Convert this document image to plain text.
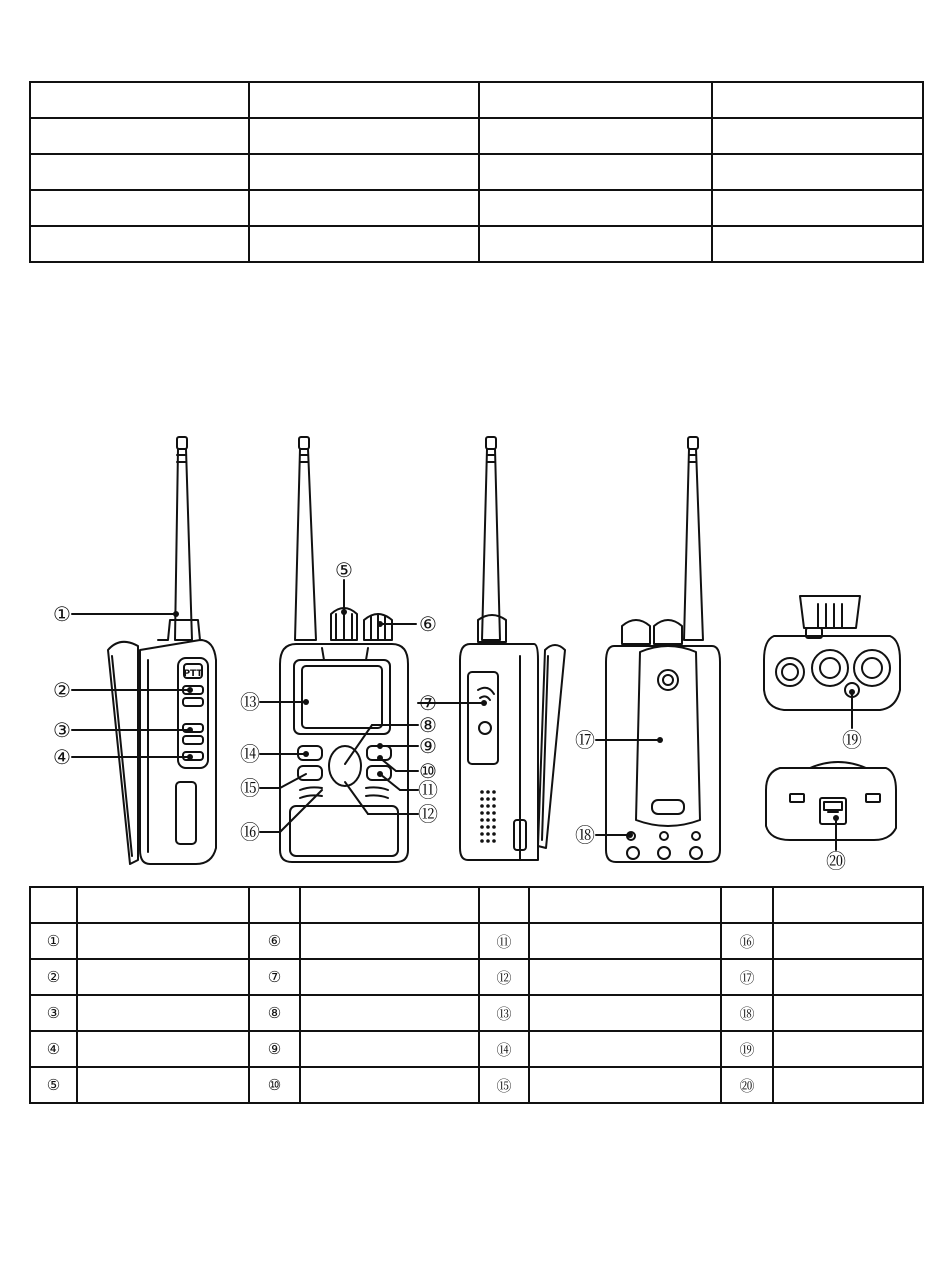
PTT
①
②
③
④
⑤
⑥
⑦
⑧
⑨
⑩
⑪
⑫
⑬
⑭
⑮
⑯
⑰
⑱
⑲
⑳

①		⑥		⑪		⑯	
②		⑦		⑫		⑰	
③		⑧		⑬		⑱	
④		⑨		⑭		⑲	
⑤		⑩		⑮		⑳	
